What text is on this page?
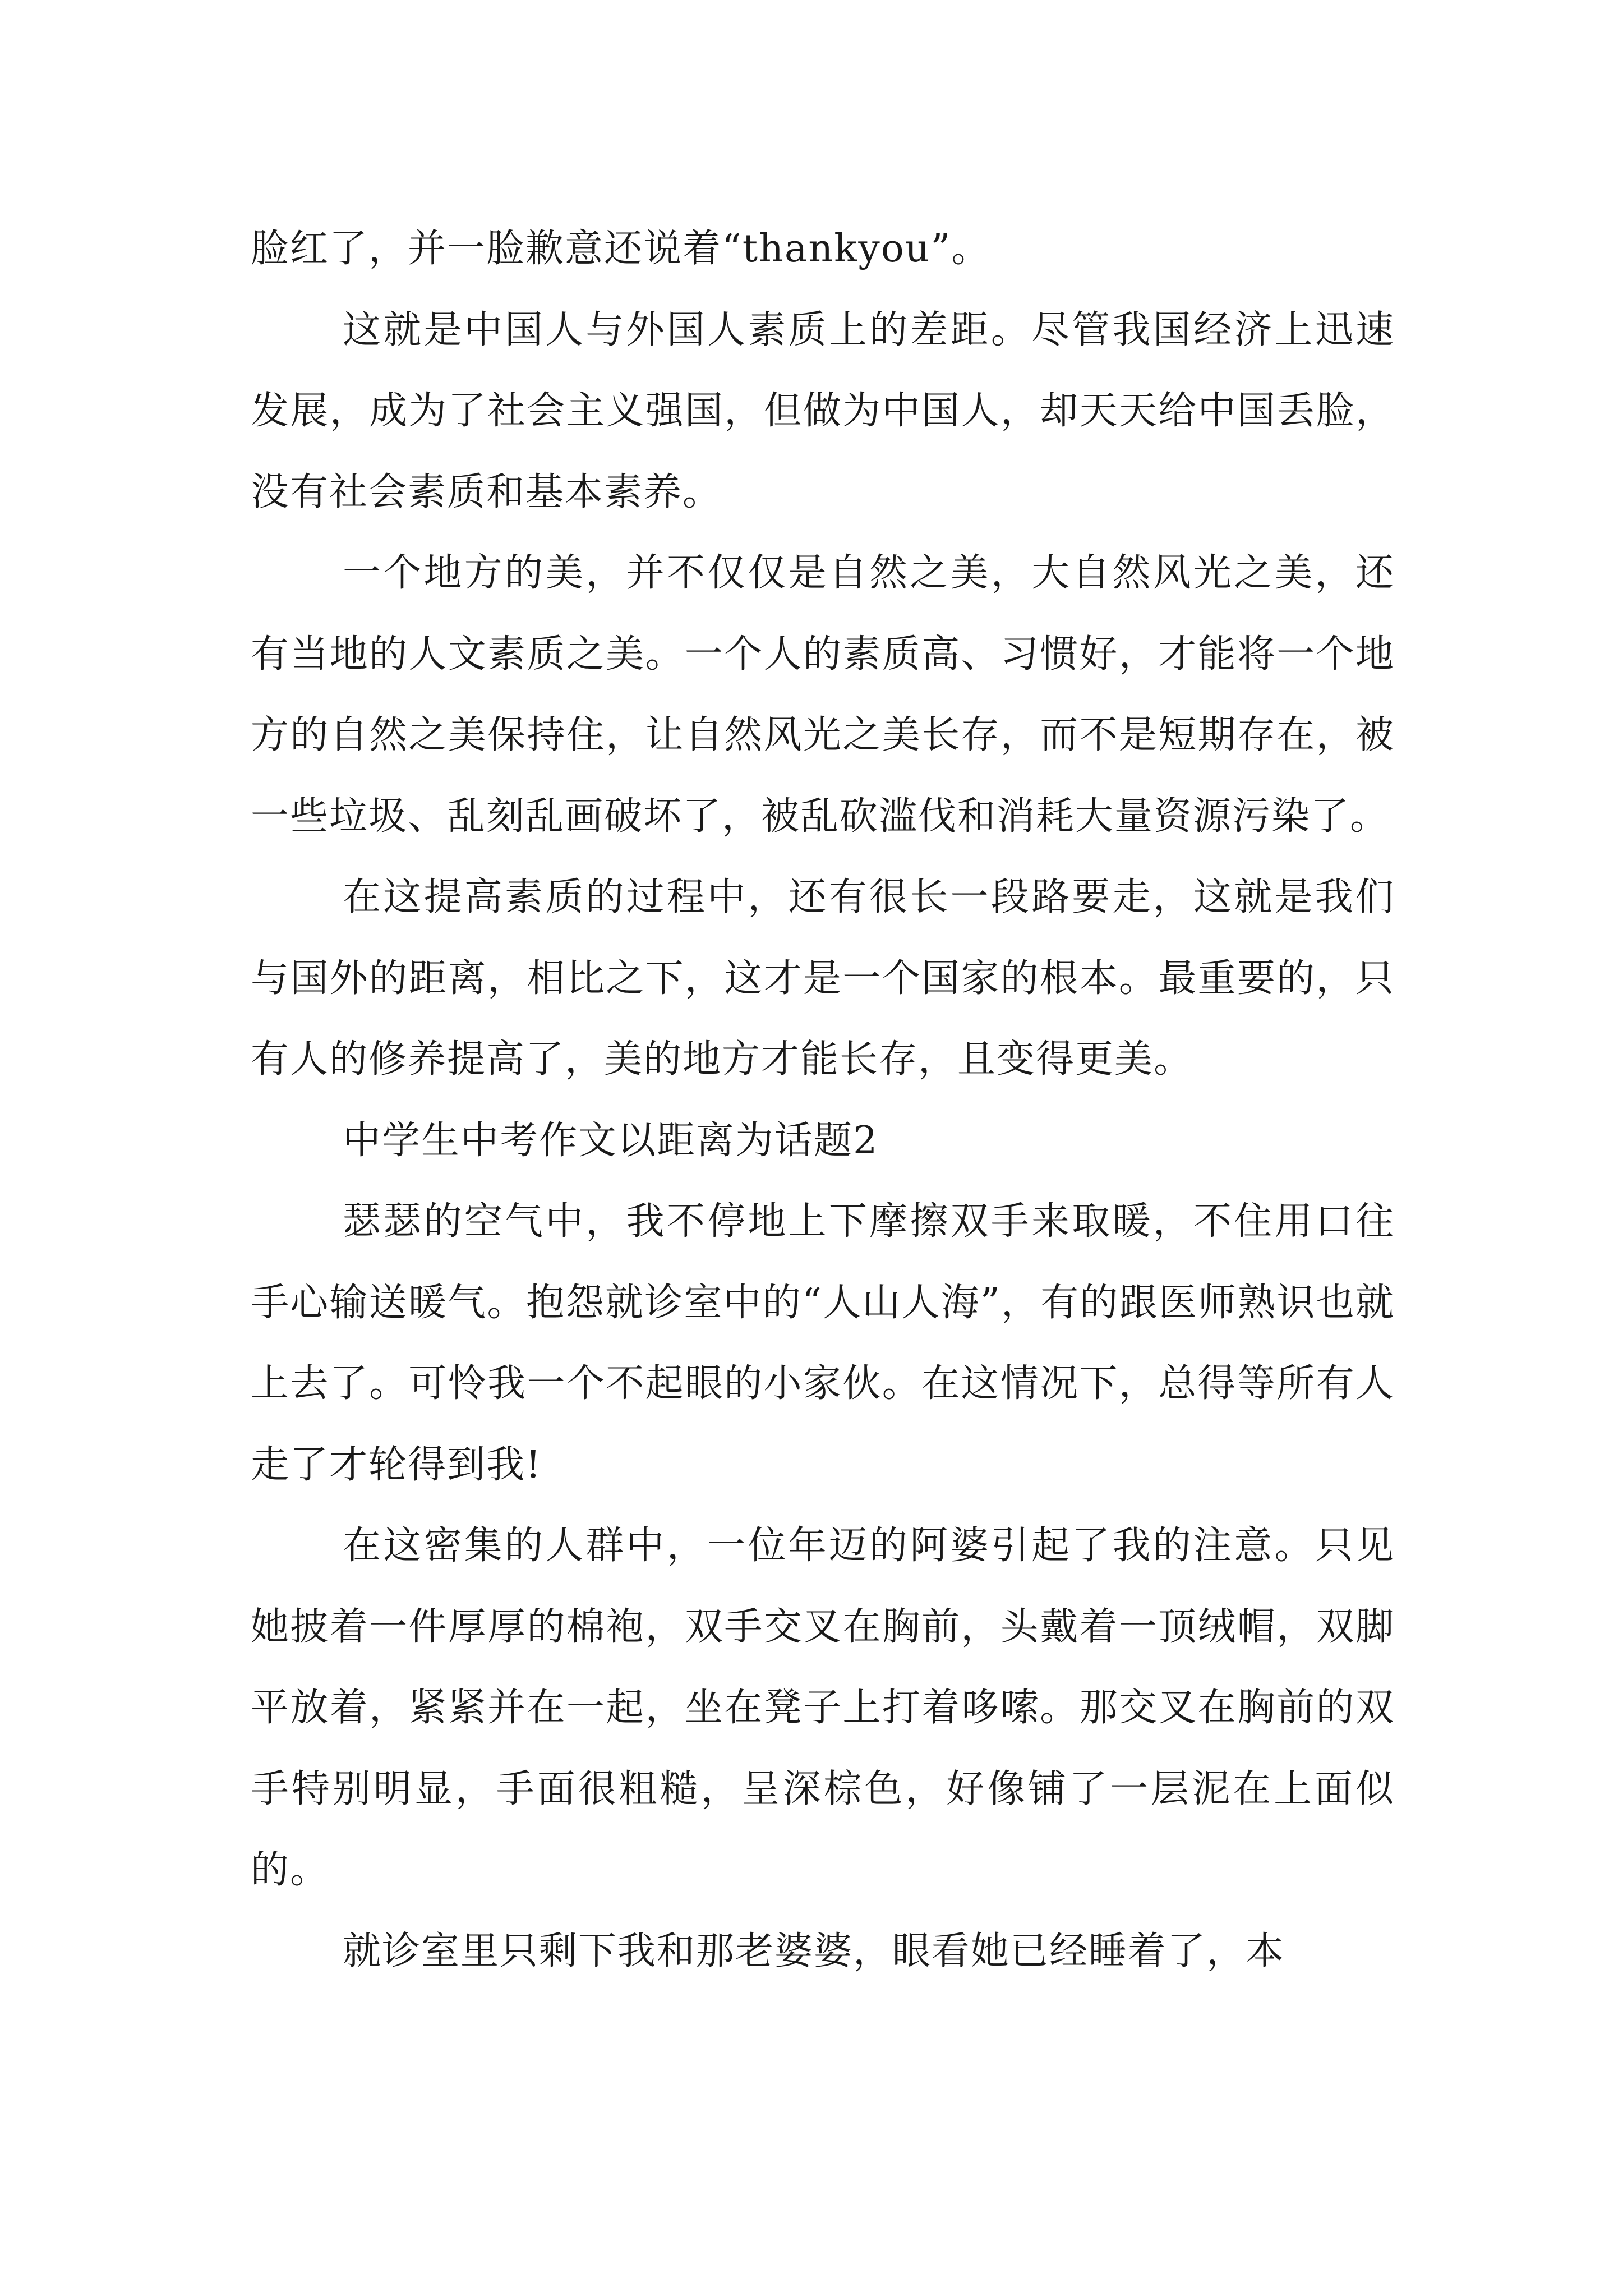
脸红了，并一脸歉意还说着“thankyou”。

这就是中国人与外国人素质上的差距。尽管我国经济上迅速发展，成为了社会主义强国，但做为中国人，却天天给中国丢脸，没有社会素质和基本素养。

一个地方的美，并不仅仅是自然之美，大自然风光之美，还有当地的人文素质之美。一个人的素质高、习惯好，才能将一个地方的自然之美保持住，让自然风光之美长存，而不是短期存在，被一些垃圾、乱刻乱画破坏了，被乱砍滥伐和消耗大量资源污染了。

在这提高素质的过程中，还有很长一段路要走，这就是我们与国外的距离，相比之下，这才是一个国家的根本。最重要的，只有人的修养提高了，美的地方才能长存，且变得更美。

中学生中考作文以距离为话题2

瑟瑟的空气中，我不停地上下摩擦双手来取暖，不住用口往手心输送暖气。抱怨就诊室中的“人山人海”，有的跟医师熟识也就上去了。可怜我一个不起眼的小家伙。在这情况下，总得等所有人走了才轮得到我!

在这密集的人群中，一位年迈的阿婆引起了我的注意。只见她披着一件厚厚的棉袍，双手交叉在胸前，头戴着一顶绒帽，双脚平放着，紧紧并在一起，坐在凳子上打着哆嗦。那交叉在胸前的双手特别明显，手面很粗糙，呈深棕色，好像铺了一层泥在上面似的。

就诊室里只剩下我和那老婆婆，眼看她已经睡着了，本
